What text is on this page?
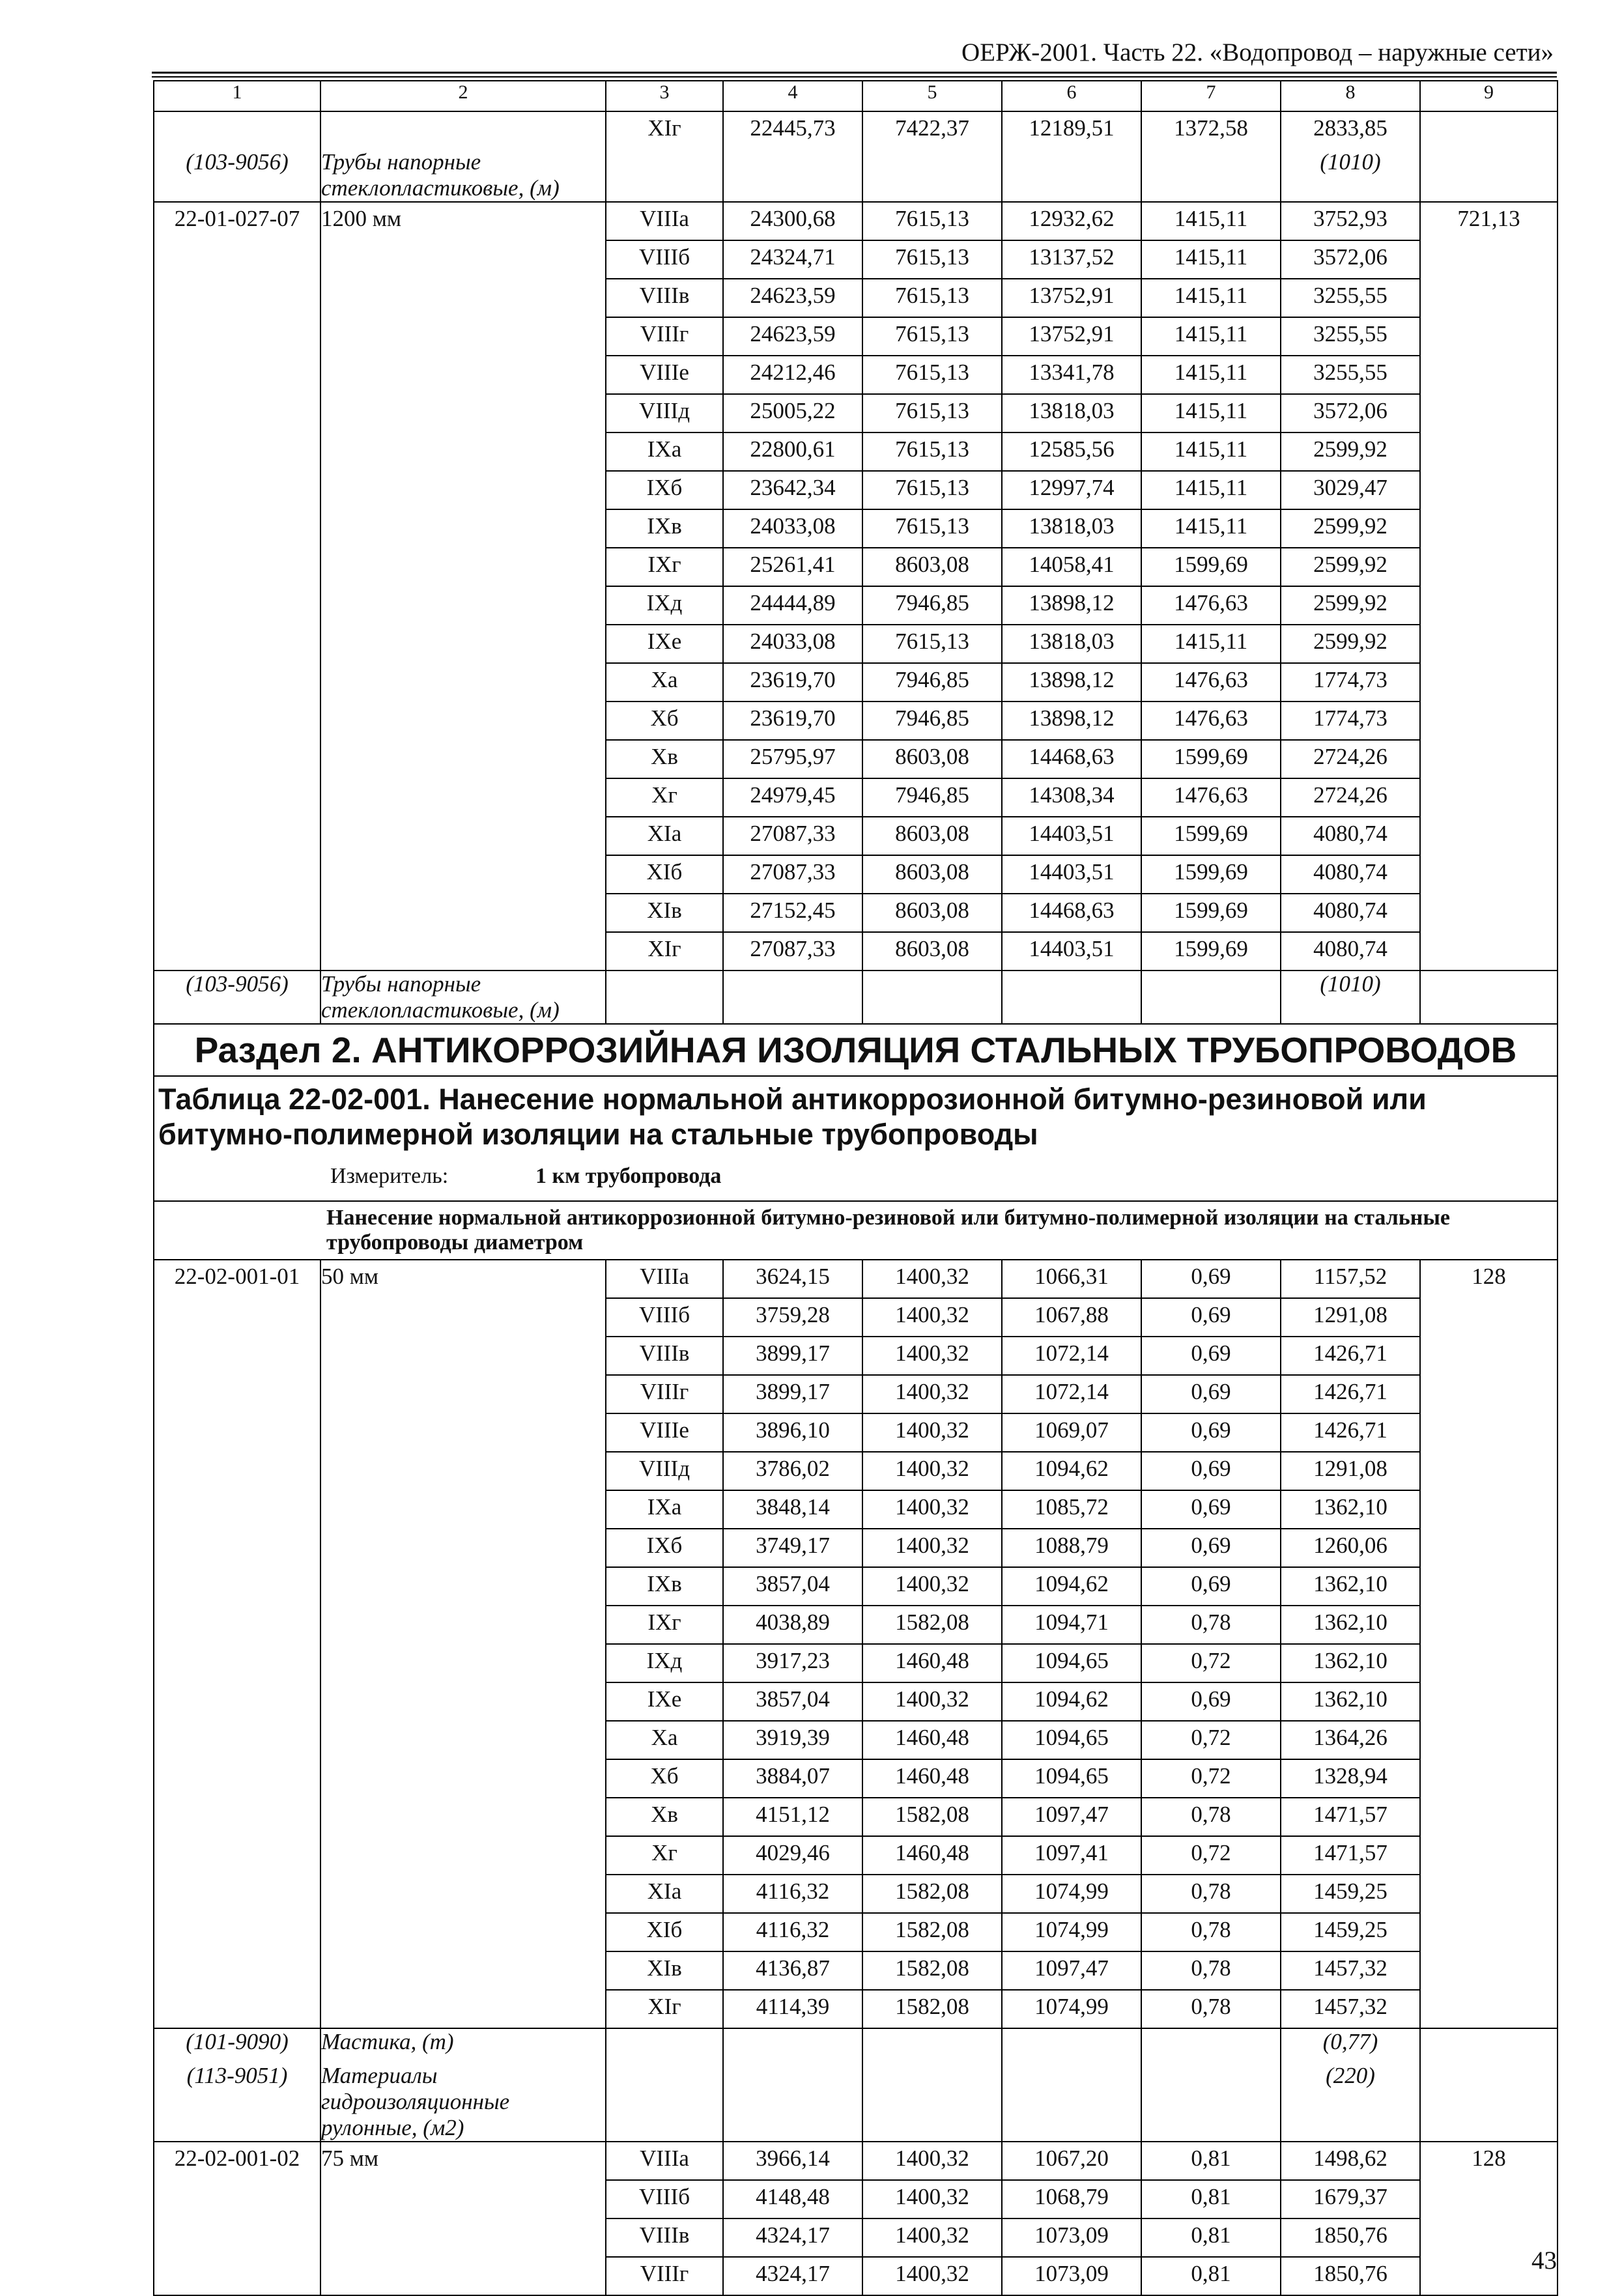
ОЕРЖ-2001. Часть 22. «Водопровод – наружные сети»
1	2	3	4	5	6	7	8	9
		XIг	22445,73	7422,37	12189,51	1372,58	2833,85	
(103-9056)	Трубы напорные стеклопластиковые, (м)						(1010)	
22-01-027-07	1200 мм	VIIIа	24300,68	7615,13	12932,62	1415,11	3752,93	721,13
		VIIIб	24324,71	7615,13	13137,52	1415,11	3572,06	
		VIIIв	24623,59	7615,13	13752,91	1415,11	3255,55	
		VIIIг	24623,59	7615,13	13752,91	1415,11	3255,55	
		VIIIе	24212,46	7615,13	13341,78	1415,11	3255,55	
		VIIIд	25005,22	7615,13	13818,03	1415,11	3572,06	
		IXа	22800,61	7615,13	12585,56	1415,11	2599,92	
		IXб	23642,34	7615,13	12997,74	1415,11	3029,47	
		IXв	24033,08	7615,13	13818,03	1415,11	2599,92	
		IXг	25261,41	8603,08	14058,41	1599,69	2599,92	
		IXд	24444,89	7946,85	13898,12	1476,63	2599,92	
		IXе	24033,08	7615,13	13818,03	1415,11	2599,92	
		Xа	23619,70	7946,85	13898,12	1476,63	1774,73	
		Xб	23619,70	7946,85	13898,12	1476,63	1774,73	
		Xв	25795,97	8603,08	14468,63	1599,69	2724,26	
		Xг	24979,45	7946,85	14308,34	1476,63	2724,26	
		XIа	27087,33	8603,08	14403,51	1599,69	4080,74	
		XIб	27087,33	8603,08	14403,51	1599,69	4080,74	
		XIв	27152,45	8603,08	14468,63	1599,69	4080,74	
		XIг	27087,33	8603,08	14403,51	1599,69	4080,74	
(103-9056)	Трубы напорные стеклопластиковые, (м)						(1010)	
Раздел 2. АНТИКОРРОЗИЙНАЯ ИЗОЛЯЦИЯ СТАЛЬНЫХ ТРУБОПРОВОДОВ								

Таблица 22-02-001. Нанесение нормальной антикоррозионной битумно-резиновой или битумно-полимерной изоляции на стальные трубопроводы
Измеритель: 1 км трубопровода								

Нанесение нормальной антикоррозионной битумно-резиновой или битумно-полимерной изоляции на стальные трубопроводы диаметром								
22-02-001-01	50 мм	VIIIа	3624,15	1400,32	1066,31	0,69	1157,52	128
		VIIIб	3759,28	1400,32	1067,88	0,69	1291,08	
		VIIIв	3899,17	1400,32	1072,14	0,69	1426,71	
		VIIIг	3899,17	1400,32	1072,14	0,69	1426,71	
		VIIIе	3896,10	1400,32	1069,07	0,69	1426,71	
		VIIIд	3786,02	1400,32	1094,62	0,69	1291,08	
		IXа	3848,14	1400,32	1085,72	0,69	1362,10	
		IXб	3749,17	1400,32	1088,79	0,69	1260,06	
		IXв	3857,04	1400,32	1094,62	0,69	1362,10	
		IXг	4038,89	1582,08	1094,71	0,78	1362,10	
		IXд	3917,23	1460,48	1094,65	0,72	1362,10	
		IXе	3857,04	1400,32	1094,62	0,69	1362,10	
		Xа	3919,39	1460,48	1094,65	0,72	1364,26	
		Xб	3884,07	1460,48	1094,65	0,72	1328,94	
		Xв	4151,12	1582,08	1097,47	0,78	1471,57	
		Xг	4029,46	1460,48	1097,41	0,72	1471,57	
		XIа	4116,32	1582,08	1074,99	0,78	1459,25	
		XIб	4116,32	1582,08	1074,99	0,78	1459,25	
		XIв	4136,87	1582,08	1097,47	0,78	1457,32	
		XIг	4114,39	1582,08	1074,99	0,78	1457,32	
(101-9090)	Мастика, (т)						(0,77)	
(113-9051)	Материалы гидроизоляционные рулонные, (м2)						(220)	
22-02-001-02	75 мм	VIIIа	3966,14	1400,32	1067,20	0,81	1498,62	128
		VIIIб	4148,48	1400,32	1068,79	0,81	1679,37	
		VIIIв	4324,17	1400,32	1073,09	0,81	1850,76	
		VIIIг	4324,17	1400,32	1073,09	0,81	1850,76		43
